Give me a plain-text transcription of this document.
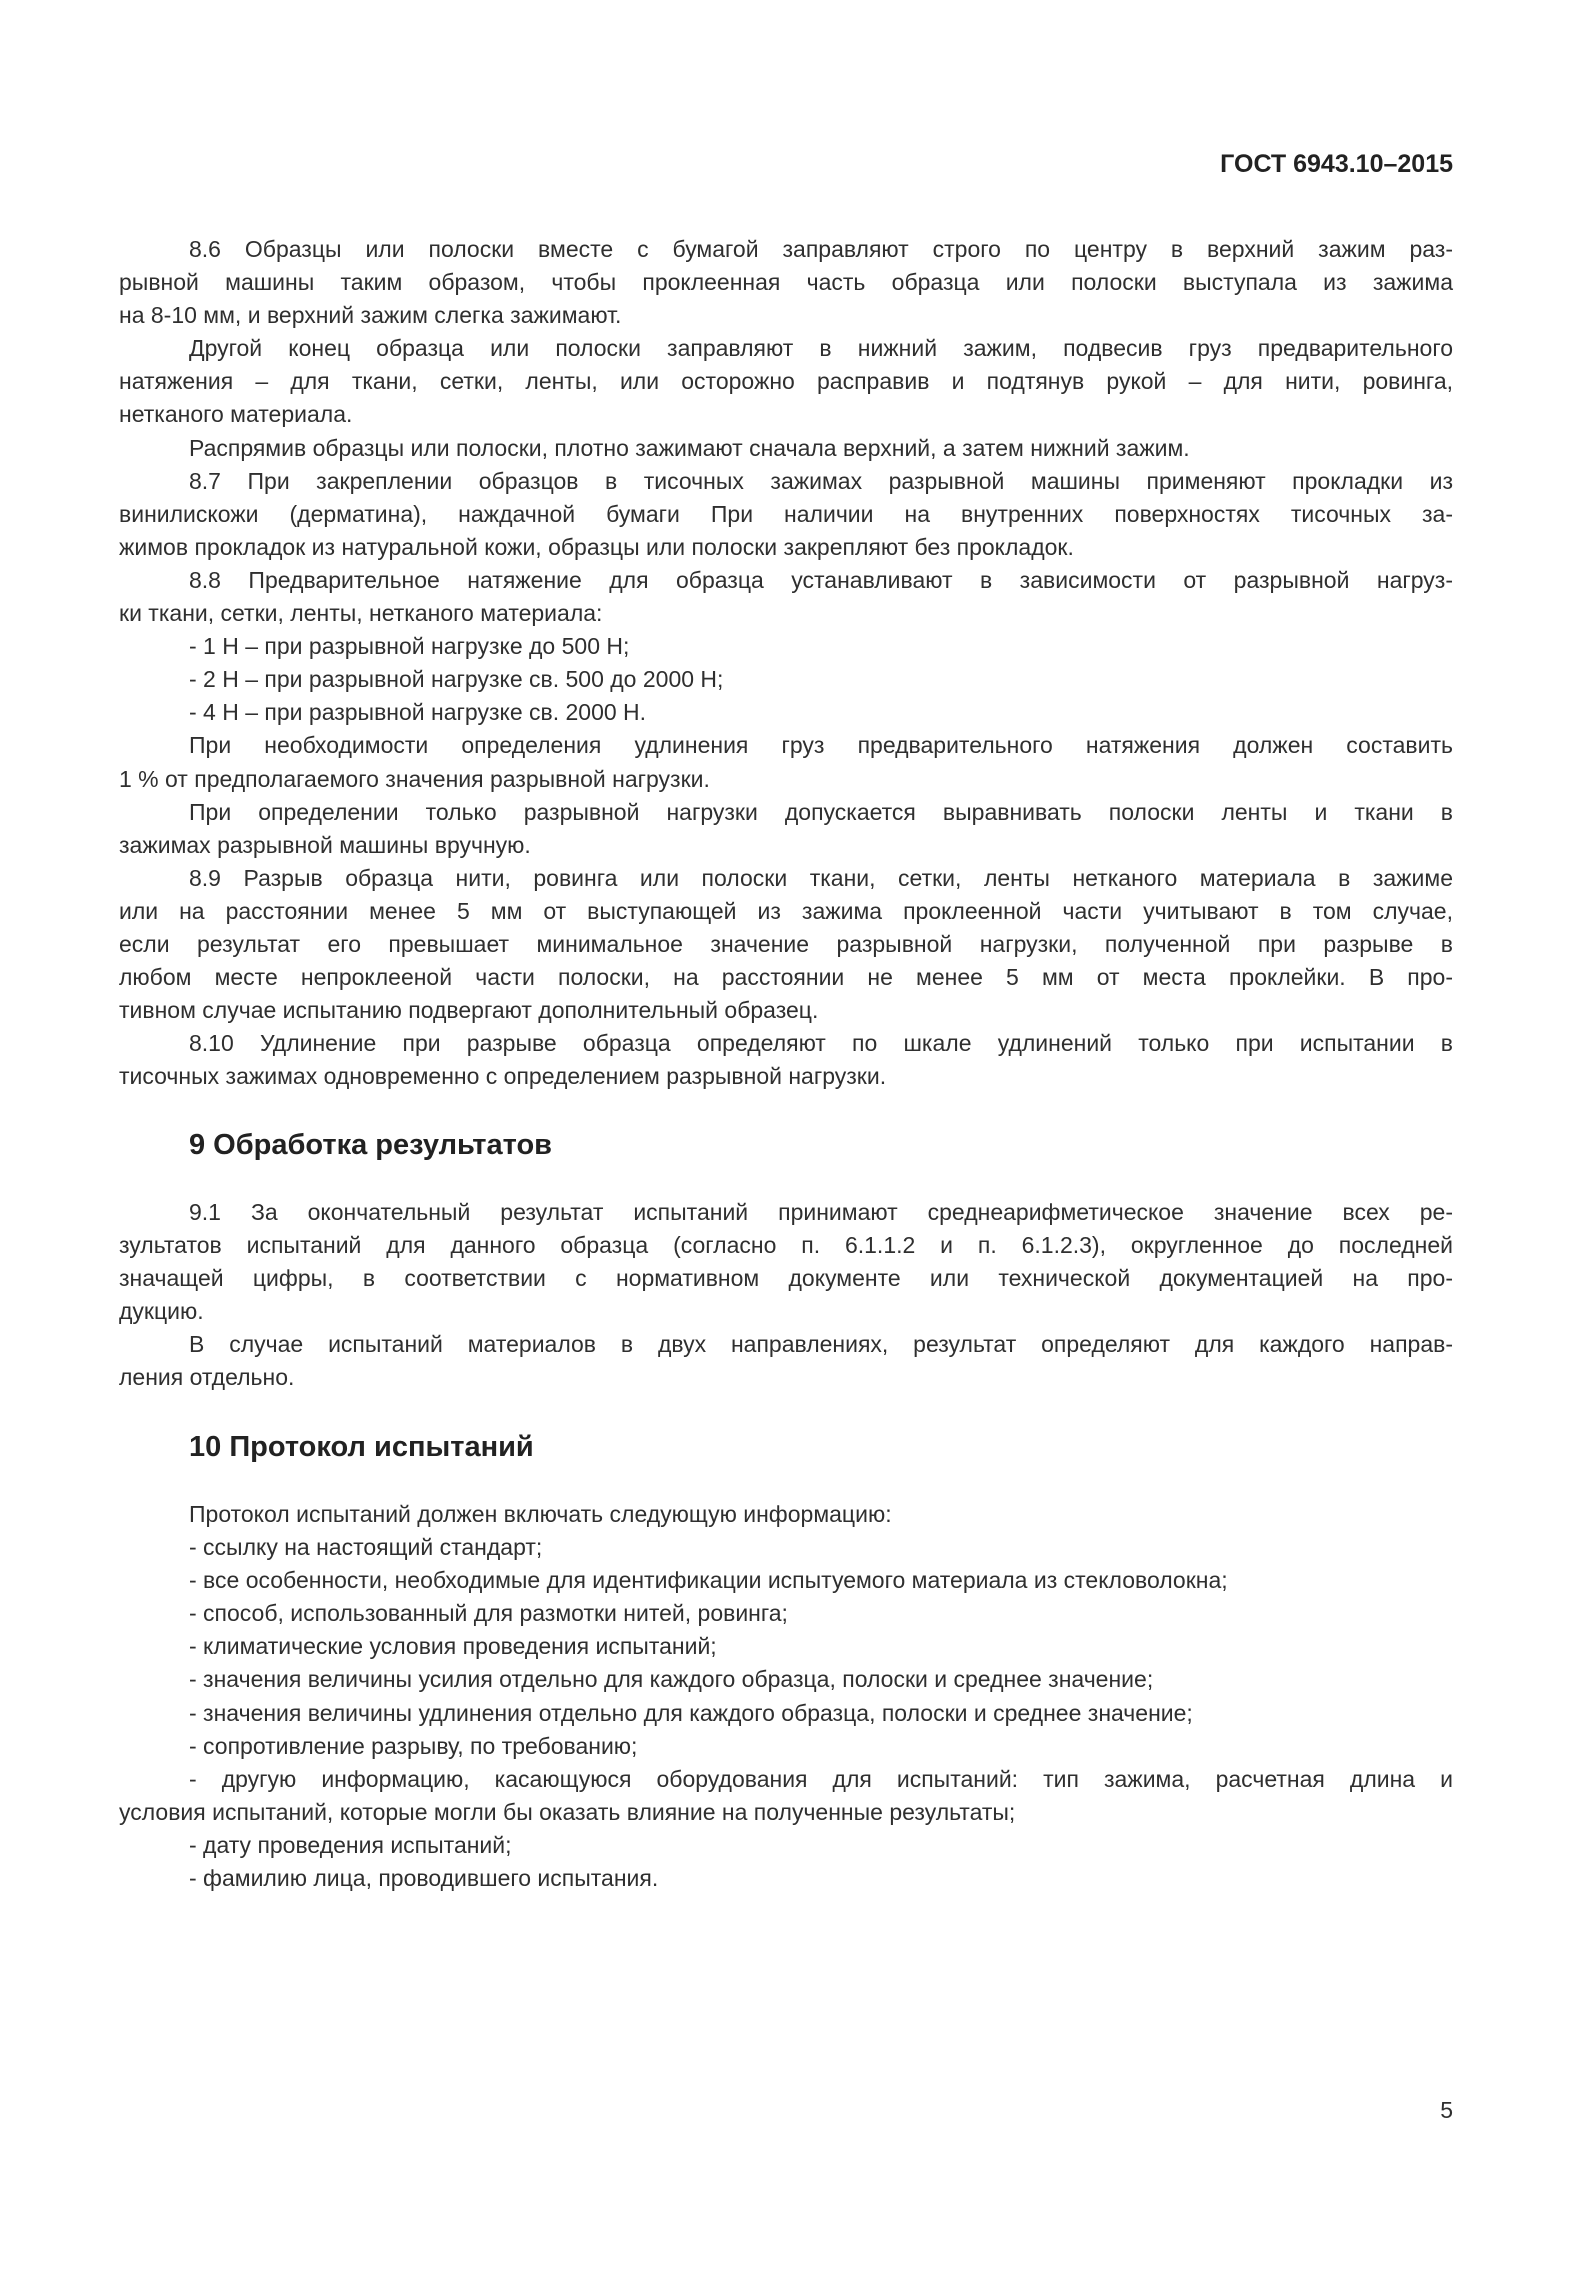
ГОСТ 6943.10–2015
8.6 Образцы или полоски вместе с бумагой заправляют строго по центру в верхний зажим раз-
рывной машины таким образом, чтобы проклеенная часть образца или полоски выступала из зажима
на 8-10 мм, и верхний зажим слегка зажимают.
Другой конец образца или полоски заправляют в нижний зажим, подвесив груз предварительного
натяжения – для ткани, сетки, ленты, или осторожно расправив и подтянув рукой – для нити, ровинга,
нетканого материала.
Распрямив образцы или полоски, плотно зажимают сначала верхний, а затем нижний зажим.
8.7 При закреплении образцов в тисочных зажимах разрывной машины применяют прокладки из
винилискожи (дерматина), наждачной бумаги При наличии на внутренних поверхностях тисочных за-
жимов прокладок из натуральной кожи, образцы или полоски закрепляют без прокладок.
8.8 Предварительное натяжение для образца устанавливают в зависимости от разрывной нагруз-
ки ткани, сетки, ленты, нетканого материала:
- 1 Н – при разрывной нагрузке до 500 Н;
- 2 Н – при разрывной нагрузке св. 500 до 2000 Н;
- 4 Н – при разрывной нагрузке св. 2000 Н.
При необходимости определения удлинения груз предварительного натяжения должен составить
1 % от предполагаемого значения разрывной нагрузки.
При определении только разрывной нагрузки допускается выравнивать полоски ленты и ткани в
зажимах разрывной машины вручную.
8.9 Разрыв образца нити, ровинга или полоски ткани, сетки, ленты нетканого материала в зажиме
или на расстоянии менее 5 мм от выступающей из зажима проклеенной части учитывают в том случае,
если результат его превышает минимальное значение разрывной нагрузки, полученной при разрыве в
любом месте непроклееной части полоски, на расстоянии не менее 5 мм от места проклейки. В про-
тивном случае испытанию подвергают дополнительный образец.
8.10 Удлинение при разрыве образца определяют по шкале удлинений только при испытании в
тисочных зажимах одновременно с определением разрывной нагрузки.
9 Обработка результатов
9.1 За окончательный результат испытаний принимают среднеарифметическое значение всех ре-
зультатов испытаний для данного образца (согласно п. 6.1.1.2 и п. 6.1.2.3), округленное до последней
значащей цифры, в соответствии с нормативном документе или технической документацией на про-
дукцию.
В случае испытаний материалов в двух направлениях, результат определяют для каждого направ-
ления отдельно.
10 Протокол испытаний
Протокол испытаний должен включать следующую информацию:
- ссылку на настоящий стандарт;
- все особенности, необходимые для идентификации испытуемого материала из стекловолокна;
- способ, использованный для размотки нитей, ровинга;
- климатические условия проведения испытаний;
- значения величины усилия отдельно для каждого образца, полоски и среднее значение;
- значения величины удлинения отдельно для каждого образца, полоски и среднее значение;
- сопротивление разрыву, по требованию;
- другую информацию, касающуюся оборудования для испытаний: тип зажима, расчетная длина и
условия испытаний, которые могли бы оказать влияние на полученные результаты;
- дату проведения испытаний;
- фамилию лица, проводившего испытания.
5
